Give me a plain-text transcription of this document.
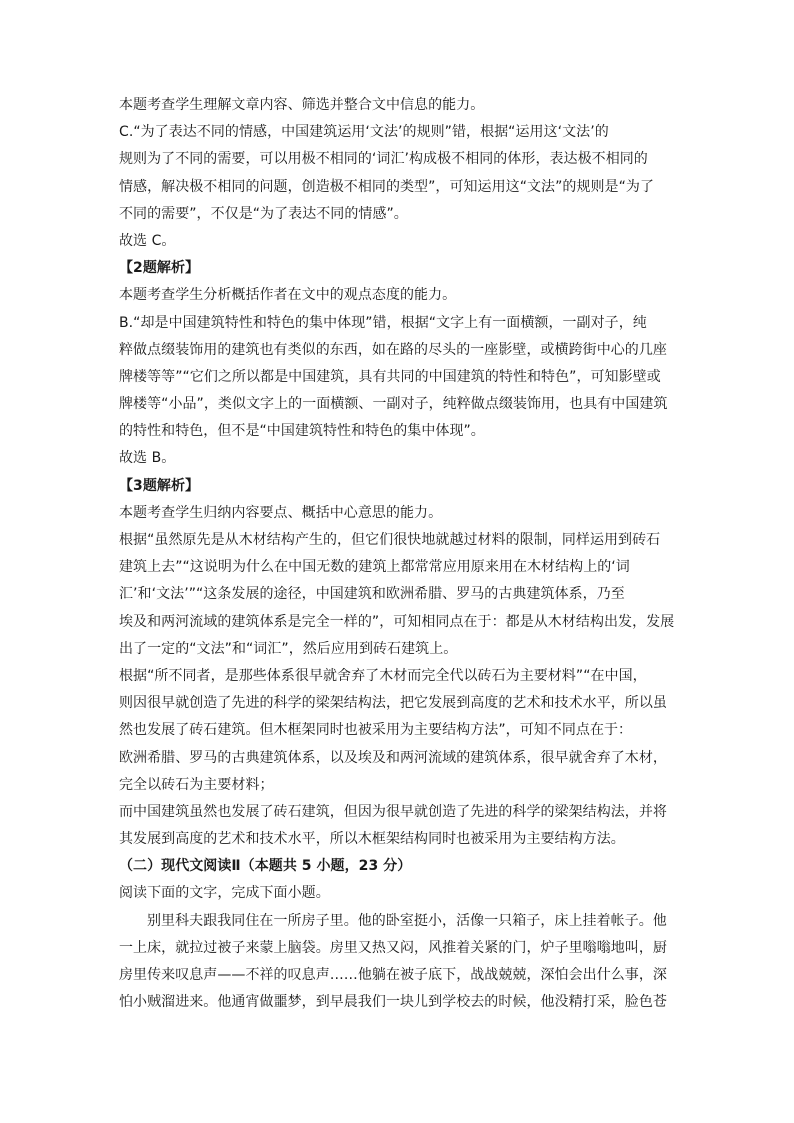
本题考查学生理解文章内容、筛选并整合文中信息的能力。
C.“为了表达不同的情感，中国建筑运用‘文法’的规则”错，根据“运用这‘文法’的
规则为了不同的需要，可以用极不相同的‘词汇’构成极不相同的体形，表达极不相同的
情感，解决极不相同的问题，创造极不相同的类型”，可知运用这“文法”的规则是“为了
不同的需要”，不仅是“为了表达不同的情感”。
故选 C。
【2题解析】
本题考查学生分析概括作者在文中的观点态度的能力。
B.“却是中国建筑特性和特色的集中体现”错，根据“文字上有一面横额，一副对子，纯
粹做点缀装饰用的建筑也有类似的东西，如在路的尽头的一座影壁，或横跨街中心的几座
牌楼等等”“它们之所以都是中国建筑，具有共同的中国建筑的特性和特色”，可知影壁或
牌楼等“小品”，类似文字上的一面横额、一副对子，纯粹做点缀装饰用，也具有中国建筑
的特性和特色，但不是“中国建筑特性和特色的集中体现”。
故选 B。
【3题解析】
本题考查学生归纳内容要点、概括中心意思的能力。
根据“虽然原先是从木材结构产生的，但它们很快地就越过材料的限制，同样运用到砖石
建筑上去”“这说明为什么在中国无数的建筑上都常常应用原来用在木材结构上的‘词
汇’和‘文法’”“这条发展的途径，中国建筑和欧洲希腊、罗马的古典建筑体系，乃至
埃及和两河流域的建筑体系是完全一样的”，可知相同点在于：都是从木材结构出发，发展
出了一定的“文法”和“词汇”，然后应用到砖石建筑上。
根据“所不同者，是那些体系很早就舍弃了木材而完全代以砖石为主要材料”“在中国，
则因很早就创造了先进的科学的梁架结构法，把它发展到高度的艺术和技术水平，所以虽
然也发展了砖石建筑。但木框架同时也被采用为主要结构方法”，可知不同点在于：
欧洲希腊、罗马的古典建筑体系，以及埃及和两河流域的建筑体系，很早就舍弃了木材，
完全以砖石为主要材料；
而中国建筑虽然也发展了砖石建筑，但因为很早就创造了先进的科学的梁架结构法，并将
其发展到高度的艺术和技术水平，所以木框架结构同时也被采用为主要结构方法。
（二）现代文阅读Ⅱ（本题共 5 小题，23 分）
阅读下面的文字，完成下面小题。
别里科夫跟我同住在一所房子里。他的卧室挺小，活像一只箱子，床上挂着帐子。他
一上床，就拉过被子来蒙上脑袋。房里又热又闷，风推着关紧的门，炉子里嗡嗡地叫，厨
房里传来叹息声——不祥的叹息声……他躺在被子底下，战战兢兢，深怕会出什么事，深
怕小贼溜进来。他通宵做噩梦，到早晨我们一块儿到学校去的时候，他没精打采，脸色苍
